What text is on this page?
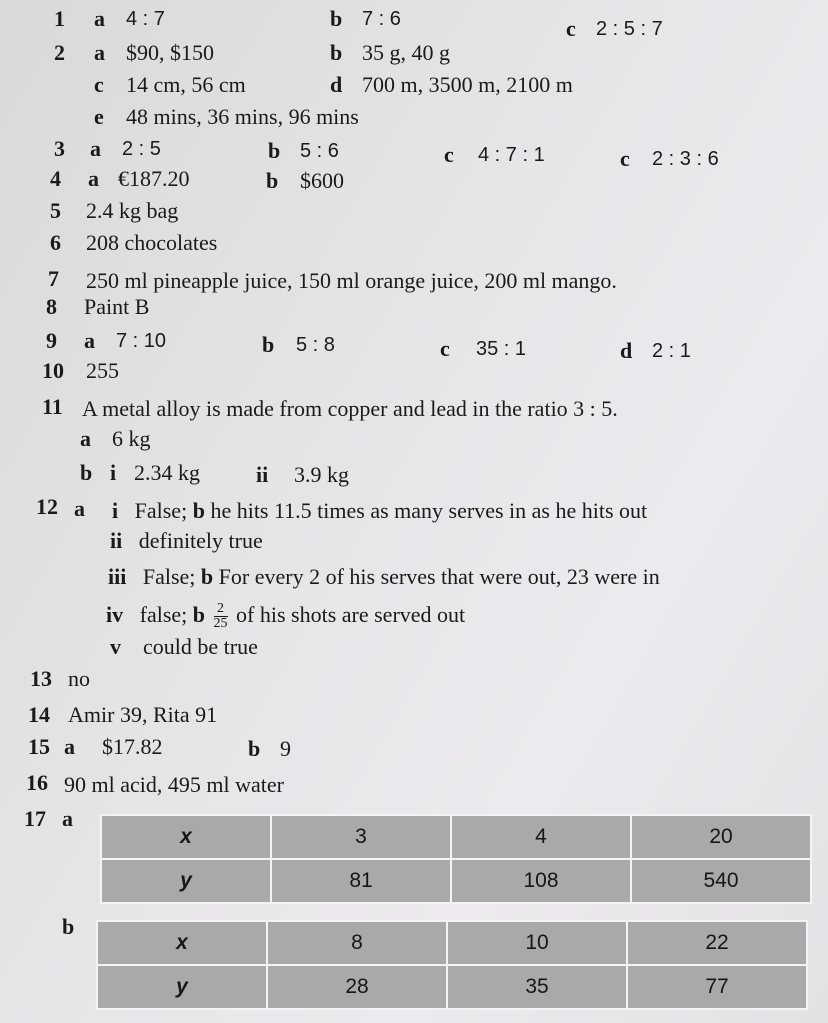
1 a 4 : 7	b 7 : 6	c 2 : 5 : 7
2 a $90, $150	b 35 g, 40 g
c 14 cm, 56 cm	d 700 m, 3500 m, 2100 m
e 48 mins, 36 mins, 96 mins
3 a 2 : 5	b 5 : 6	c 4 : 7 : 1	c 2 : 3 : 6
4 a €187.20	b $600
5 2.4 kg bag
6 208 chocolates
7 250 ml pineapple juice, 150 ml orange juice, 200 ml mango.
8 Paint B
9 a 7 : 10	b 5 : 8	c 35 : 1	d 2 : 1
10 255
11 A metal alloy is made from copper and lead in the ratio 3 : 5.
a 6 kg
b i 2.34 kg	ii 3.9 kg
12 a i False; b he hits 11.5 times as many serves in as he hits out
ii definitely true
iii False; b For every 2 of his serves that were out, 23 were in
iv false; b $\frac{2}{25}$ of his shots are served out
v could be true
13 no
14 Amir 39, Rita 91
15 a $17.82	b 9
16 90 ml acid, 495 ml water
17 a
x	3	4	20
y	81	108	540
b
x	8	10	22
y	28	35	77
